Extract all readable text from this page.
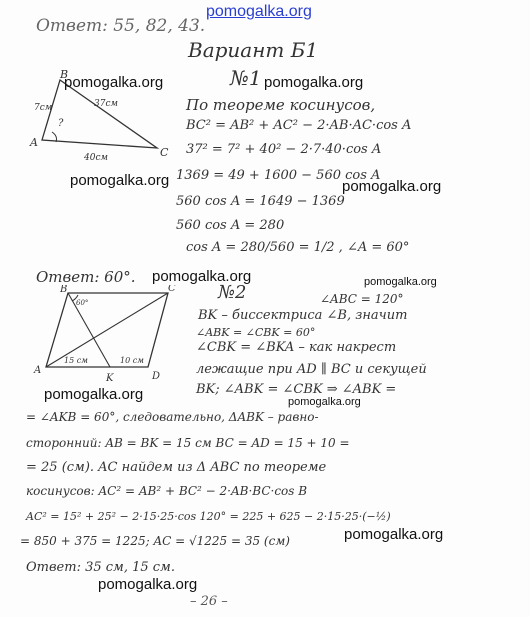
pomogalka.org
Ответ: 55, 82, 43.
Вариант Б1
№1
B
A
C
7см	37см
40см
?
pomogalka.org	pomogalka.org
По теореме косинусов,
BC² = AB² + AC² − 2·AB·AC·cos A
37² = 7² + 40² − 2·7·40·cos A
pomogalka.org 1369 = 49 + 1600 − 560 cos A
pomogalka.org
560 cos A = 1649 − 1369
560 cos A = 280
cos A = 280/560 = 1/2 , ∠A = 60°
Ответ: 60°. pomogalka.org
№2	pomogalka.org
B	C
A
D
K
60°
15 см	10 см
∠ABC = 120°
BK – биссектриса ∠B, значит
∠ABK = ∠CBK = 60°
∠CBK = ∠BKA – как накрест
лежащие при AD ∥ BC и секущей
pomogalka.org	BK; ∠ABK = ∠CBK ⇒ ∠ABK =
pomogalka.org
= ∠AKB = 60°, следовательно, ΔABK – равно-
сторонний: AB = BK = 15 см BC = AD = 15 + 10 =
= 25 (см). AC найдем из Δ ABC по теореме
косинусов: AC² = AB² + BC² − 2·AB·BC·cos B
AC² = 15² + 25² − 2·15·25·cos 120° = 225 + 625 − 2·15·25·(−½)
pomogalka.org
= 850 + 375 = 1225; AC = √1225 = 35 (см)
Ответ: 35 см, 15 см.
pomogalka.org
– 26 –
